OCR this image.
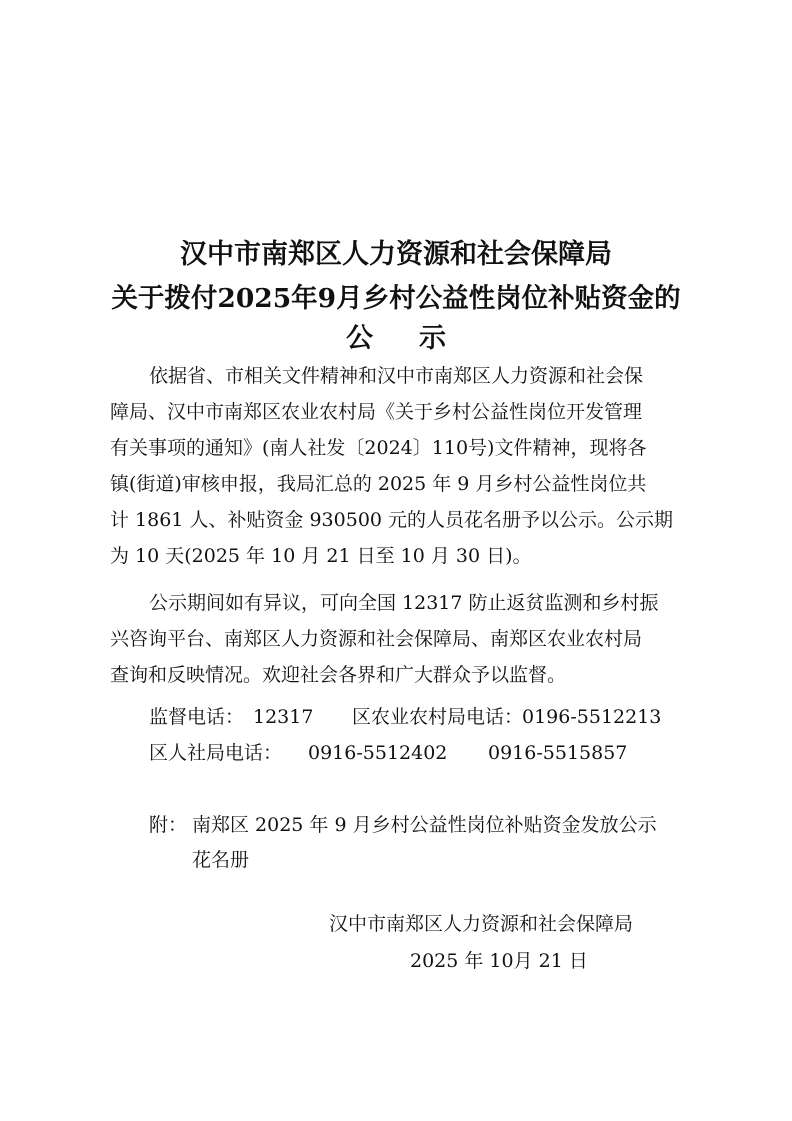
汉中市南郑区人力资源和社会保障局
关于拨付2025年9月乡村公益性岗位补贴资金的
公示
依据省、市相关文件精神和汉中市南郑区人力资源和社会保
障局、汉中市南郑区农业农村局《关于乡村公益性岗位开发管理
有关事项的通知》(南人社发〔2024〕110号)文件精神，现将各
镇(街道)审核申报，我局汇总的 2025 年 9 月乡村公益性岗位共
计 1861 人、补贴资金 930500 元的人员花名册予以公示。公示期
为 10 天(2025 年 10 月 21 日至 10 月 30 日)。
公示期间如有异议，可向全国 12317 防止返贫监测和乡村振
兴咨询平台、南郑区人力资源和社会保障局、南郑区农业农村局
查询和反映情况。欢迎社会各界和广大群众予以监督。
监督电话： 12317 区农业农村局电话：
0196-5512213
区人社局电话： 0916-5512402 0916-5515857
附： 南郑区 2025 年 9 月乡村公益性岗位补贴资金发放公示
花名册
汉中市南郑区人力资源和社会保障局
2025 年 10月 21 日
